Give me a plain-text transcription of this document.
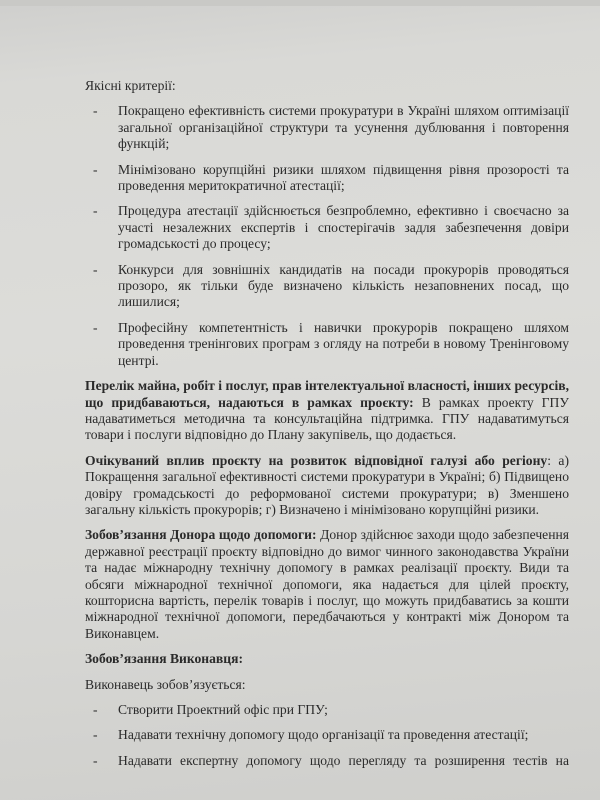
Якісні критерії:

- Покращено ефективність системи прокуратури в Україні шляхом оптимізації загальної організаційної структури та усунення дублювання і повторення функцій;
- Мінімізовано корупційні ризики шляхом підвищення рівня прозорості та проведення меритократичної атестації;
- Процедура атестації здійснюється безпроблемно, ефективно і своєчасно за участі незалежних експертів і спостерігачів задля забезпечення довіри громадськості до процесу;
- Конкурси для зовнішніх кандидатів на посади прокурорів проводяться прозоро, як тільки буде визначено кількість незаповнених посад, що лишилися;
- Професійну компетентність і навички прокурорів покращено шляхом проведення тренінгових програм з огляду на потреби в новому Тренінговому центрі.

Перелік майна, робіт і послуг, прав інтелектуальної власності, інших ресурсів, що придбаваються, надаються в рамках проєкту: В рамках проекту ГПУ надаватиметься методична та консультаційна підтримка. ГПУ надаватимуться товари і послуги відповідно до Плану закупівель, що додається.

Очікуваний вплив проєкту на розвиток відповідної галузі або регіону: а) Покращення загальної ефективності системи прокуратури в Україні; б) Підвищено довіру громадськості до реформованої системи прокуратури; в) Зменшено загальну кількість прокурорів; г) Визначено і мінімізовано корупційні ризики.

Зобов’язання Донора щодо допомоги: Донор здійснює заходи щодо забезпечення державної реєстрації проєкту відповідно до вимог чинного законодавства України та надає міжнародну технічну допомогу в рамках реалізації проєкту. Види та обсяги міжнародної технічної допомоги, яка надається для цілей проєкту, кошторисна вартість, перелік товарів і послуг, що можуть придбаватись за кошти міжнародної технічної допомоги, передбачаються у контракті між Донором та Виконавцем.

Зобов’язання Виконавця:

Виконавець зобов’язується:

- Створити Проектний офіс при ГПУ;
- Надавати технічну допомогу щодо організації та проведення атестації;
- Надавати експертну допомогу щодо перегляду та розширення тестів на
